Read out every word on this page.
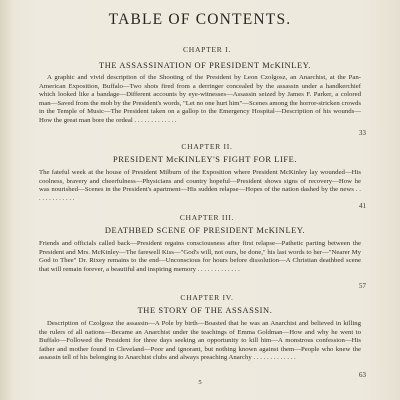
TABLE OF CONTENTS.
CHAPTER I.
THE ASSASSINATION OF PRESIDENT McKINLEY.
A graphic and vivid description of the Shooting of the President by Leon Czolgosz, an Anarchist, at the Pan-American Exposition, Buffalo—Two shots fired from a derringer concealed by the assassin under a handkerchief which looked like a bandage—Different accounts by eye-witnesses—Assassin seized by James F. Parker, a colored man—Saved from the mob by the President's words, "Let no one hurt him"—Scenes among the horror-stricken crowds in the Temple of Music—The President taken on a gallop to the Emergency Hospital—Description of his wounds—How the great man bore the ordeal . . . . . . . . . . . . .
33
CHAPTER II.
PRESIDENT McKINLEY'S FIGHT FOR LIFE.
The fateful week at the house of President Milburn of the Exposition where President McKinley lay wounded—His coolness, bravery and cheerfulness—Physicians and country hopeful—President shows signs of recovery—How he was nourished—Scenes in the President's apartment—His sudden relapse—Hopes of the nation dashed by the news . . . . . . . . . . . . .
41
CHAPTER III.
DEATHBED SCENE OF PRESIDENT McKINLEY.
Friends and officials called back—President regains consciousness after first relapse—Pathetic parting between the President and Mrs. McKinley—The farewell Kiss—"God's will, not ours, be done," his last words to her—"Nearer My God to Thee" Dr. Rixey remains to the end—Unconscious for hours before dissolution—A Christian deathbed scene that will remain forever, a beautiful and inspiring memory . . . . . . . . . . . . .
57
CHAPTER IV.
THE STORY OF THE ASSASSIN.
Description of Czolgosz the assassin—A Pole by birth—Boasted that he was an Anarchist and believed in killing the rulers of all nations—Became an Anarchist under the teachings of Emma Goldman—How and why he went to Buffalo—Followed the President for three days seeking an opportunity to kill him—A monstrous confession—His father and mother found in Cleveland—Poor and ignorant, but nothing known against them—People who knew the assassin tell of his belonging to Anarchist clubs and always preaching Anarchy . . . . . . . . . . . . .
63
5
